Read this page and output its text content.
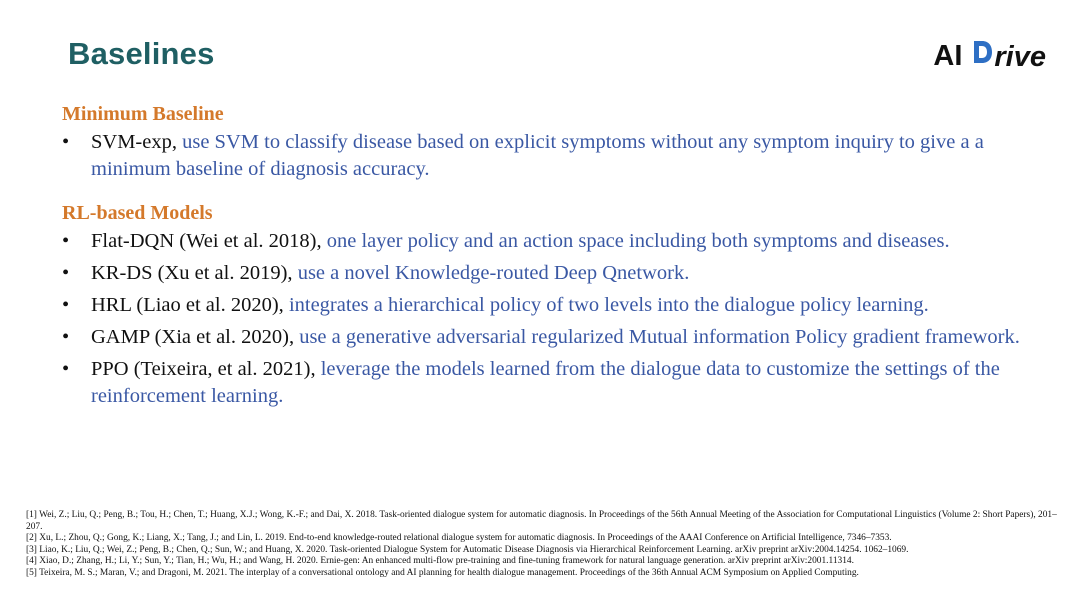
Baselines	AI	rive
Minimum Baseline
• SVM-exp, use SVM to classify disease based on explicit symptoms without any symptom inquiry to give a a minimum baseline of diagnosis accuracy.
RL-based Models
• Flat-DQN (Wei et al. 2018), one layer policy and an action space including both symptoms and diseases.
• KR-DS (Xu et al. 2019), use a novel Knowledge-routed Deep Qnetwork.
• HRL (Liao et al. 2020), integrates a hierarchical policy of two levels into the dialogue policy learning.
• GAMP (Xia et al. 2020), use a generative adversarial regularized Mutual information Policy gradient framework.
• PPO (Teixeira, et al. 2021), leverage the models learned from the dialogue data to customize the settings of the reinforcement learning.
[1] Wei, Z.; Liu, Q.; Peng, B.; Tou, H.; Chen, T.; Huang, X.J.; Wong, K.-F.; and Dai, X. 2018. Task-oriented dialogue system for automatic diagnosis. In Proceedings of the 56th Annual Meeting of the Association for Computational Linguistics (Volume 2: Short Papers), 201–207.
[2] Xu, L.; Zhou, Q.; Gong, K.; Liang, X.; Tang, J.; and Lin, L. 2019. End-to-end knowledge-routed relational dialogue system for automatic diagnosis. In Proceedings of the AAAI Conference on Artificial Intelligence, 7346–7353.
[3] Liao, K.; Liu, Q.; Wei, Z.; Peng, B.; Chen, Q.; Sun, W.; and Huang, X. 2020. Task-oriented Dialogue System for Automatic Disease Diagnosis via Hierarchical Reinforcement Learning. arXiv preprint arXiv:2004.14254. 1062–1069.
[4] Xiao, D.; Zhang, H.; Li, Y.; Sun, Y.; Tian, H.; Wu, H.; and Wang, H. 2020. Ernie-gen: An enhanced multi-flow pre-training and fine-tuning framework for natural language generation. arXiv preprint arXiv:2001.11314.
[5] Teixeira, M. S.; Maran, V.; and Dragoni, M. 2021. The interplay of a conversational ontology and AI planning for health dialogue management. Proceedings of the 36th Annual ACM Symposium on Applied Computing.
